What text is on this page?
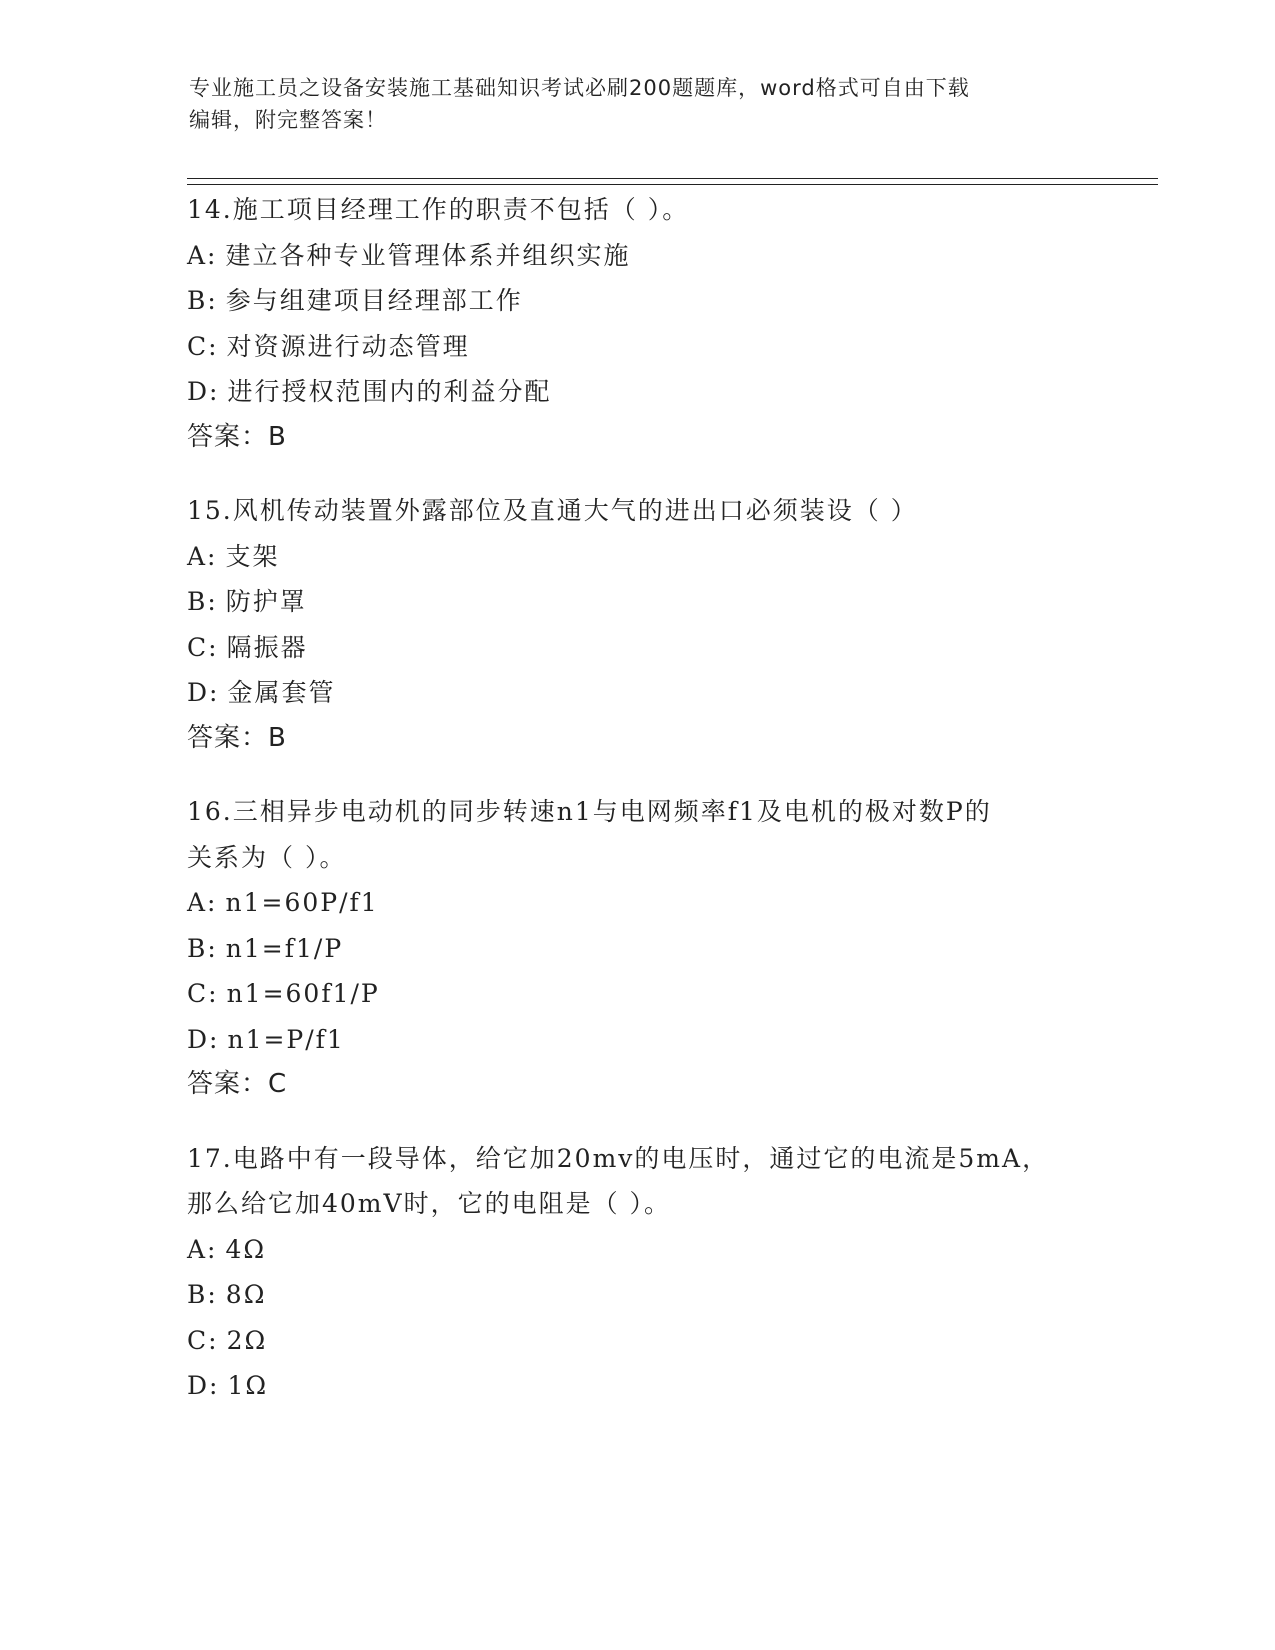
专业施工员之设备安装施工基础知识考试必刷200题题库，word格式可自由下载
编辑，附完整答案！
14.施工项目经理工作的职责不包括（ ）。
A: 建立各种专业管理体系并组织实施
B: 参与组建项目经理部工作
C: 对资源进行动态管理
D: 进行授权范围内的利益分配
答案：B
15.风机传动装置外露部位及直通大气的进出口必须装设（ ）
A: 支架
B: 防护罩
C: 隔振器
D: 金属套管
答案：B
16.三相异步电动机的同步转速n1与电网频率f1及电机的极对数P的
关系为（ ）。
A: n1=60P/f1
B: n1=f1/P
C: n1=60f1/P
D: n1=P/f1
答案：C
17.电路中有一段导体，给它加20mv的电压时，通过它的电流是5mA，
那么给它加40mV时，它的电阻是（ ）。
A: 4Ω
B: 8Ω
C: 2Ω
D: 1Ω
